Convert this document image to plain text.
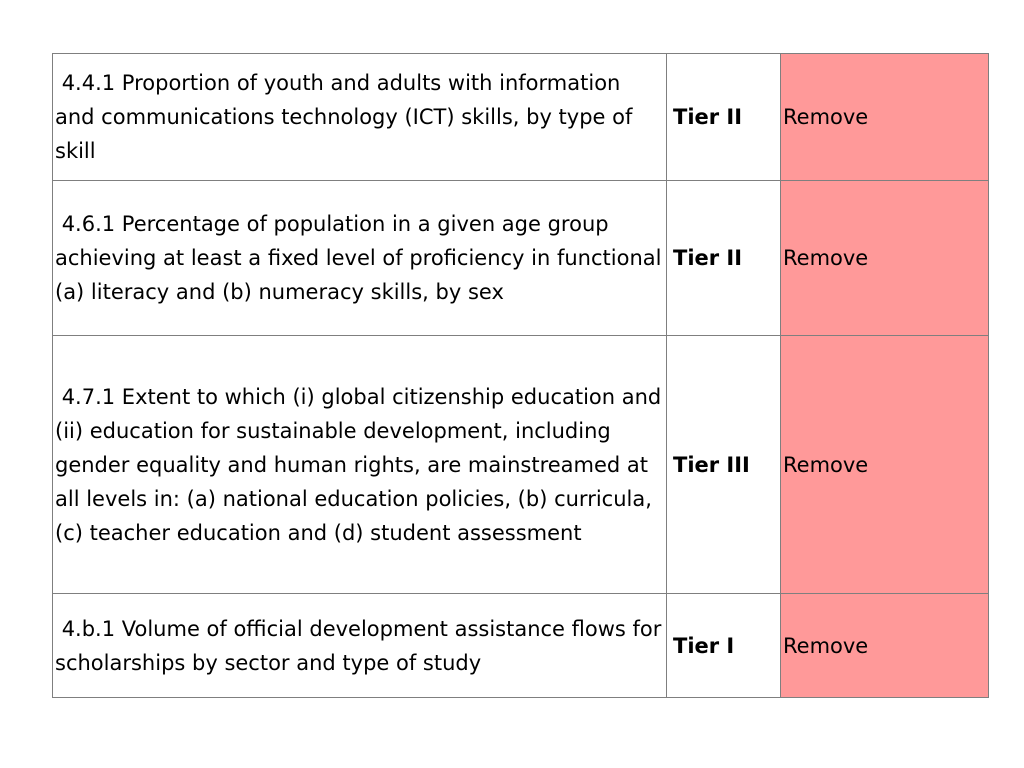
4.4.1 Proportion of youth and adults with information and communications technology (ICT) skills, by type of skill	Tier II	Remove
4.6.1 Percentage of population in a given age group achieving at least a fixed level of proficiency in functional (a) literacy and (b) numeracy skills, by sex	Tier II	Remove
4.7.1 Extent to which (i) global citizenship education and (ii) education for sustainable development, including gender equality and human rights, are mainstreamed at all levels in: (a) national education policies, (b) curricula, (c) teacher education and (d) student assessment	Tier III	Remove
4.b.1 Volume of official development assistance flows for scholarships by sector and type of study	Tier I	Remove
